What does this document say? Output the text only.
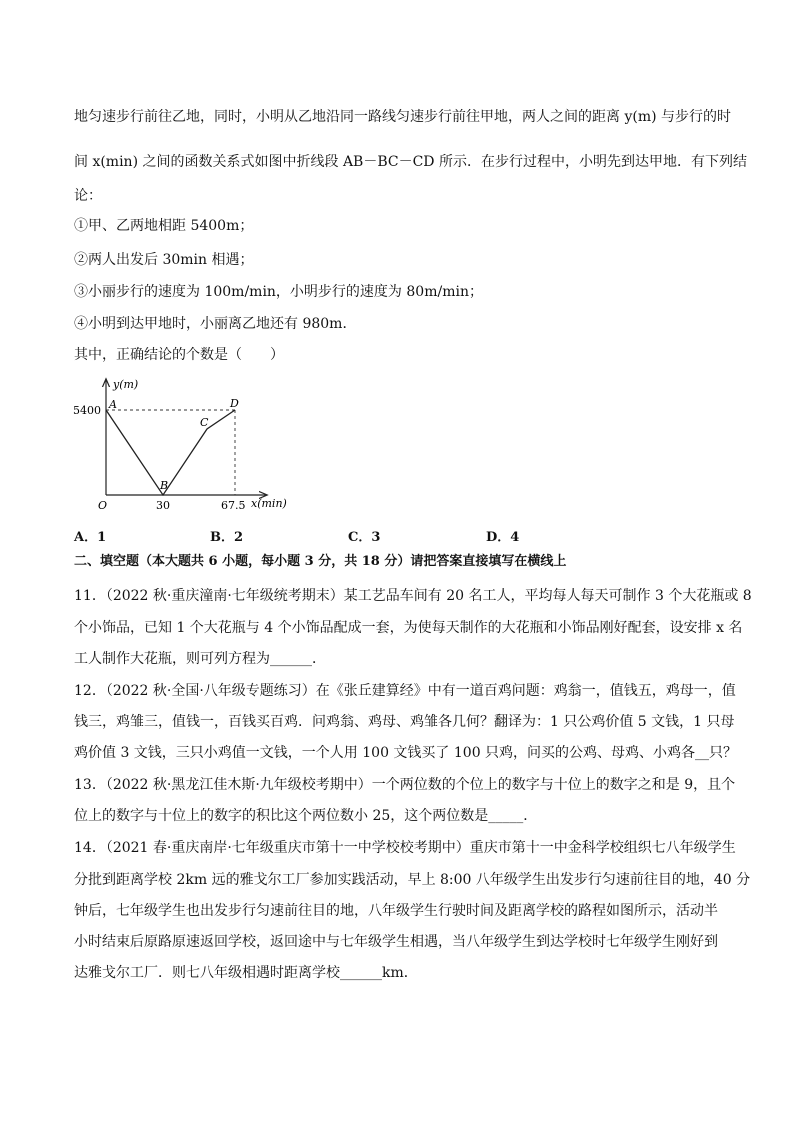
地匀速步行前往乙地，同时，小明从乙地沿同一路线匀速步行前往甲地，两人之间的距离 y(m) 与步行的时
间 x(min) 之间的函数关系式如图中折线段 AB－BC－CD 所示．在步行过程中，小明先到达甲地．有下列结
论：
①甲、乙两地相距 5400m；
②两人出发后 30min 相遇；
③小丽步行的速度为 100m/min，小明步行的速度为 80m/min；
④小明到达甲地时，小丽离乙地还有 980m．
其中，正确结论的个数是（　　）
y(m)
5400 A
B
C
D
O	30	67.5 x(min)
A．1	B．2	C．3	D．4
二、填空题（本大题共 6 小题，每小题 3 分，共 18 分）请把答案直接填写在横线上
11．（2022 秋·重庆潼南·七年级统考期末）某工艺品车间有 20 名工人，平均每人每天可制作 3 个大花瓶或 8
个小饰品，已知 1 个大花瓶与 4 个小饰品配成一套，为使每天制作的大花瓶和小饰品刚好配套，设安排 x 名
工人制作大花瓶，则可列方程为______．
12．（2022 秋·全国·八年级专题练习）在《张丘建算经》中有一道百鸡问题：鸡翁一，值钱五，鸡母一，值
钱三，鸡雏三，值钱一，百钱买百鸡．问鸡翁、鸡母、鸡雏各几何？翻译为：1 只公鸡价值 5 文钱，1 只母
鸡价值 3 文钱，三只小鸡值一文钱，一个人用 100 文钱买了 100 只鸡，问买的公鸡、母鸡、小鸡各__只？
13．（2022 秋·黑龙江佳木斯·九年级校考期中）一个两位数的个位上的数字与十位上的数字之和是 9，且个
位上的数字与十位上的数字的积比这个两位数小 25，这个两位数是_____．
14．（2021 春·重庆南岸·七年级重庆市第十一中学校校考期中）重庆市第十一中金科学校组织七八年级学生
分批到距离学校 2km 远的雅戈尔工厂参加实践活动，早上 8:00 八年级学生出发步行匀速前往目的地，40 分
钟后，七年级学生也出发步行匀速前往目的地，八年级学生行驶时间及距离学校的路程如图所示，活动半
小时结束后原路原速返回学校，返回途中与七年级学生相遇，当八年级学生到达学校时七年级学生刚好到
达雅戈尔工厂．则七八年级相遇时距离学校______km．
